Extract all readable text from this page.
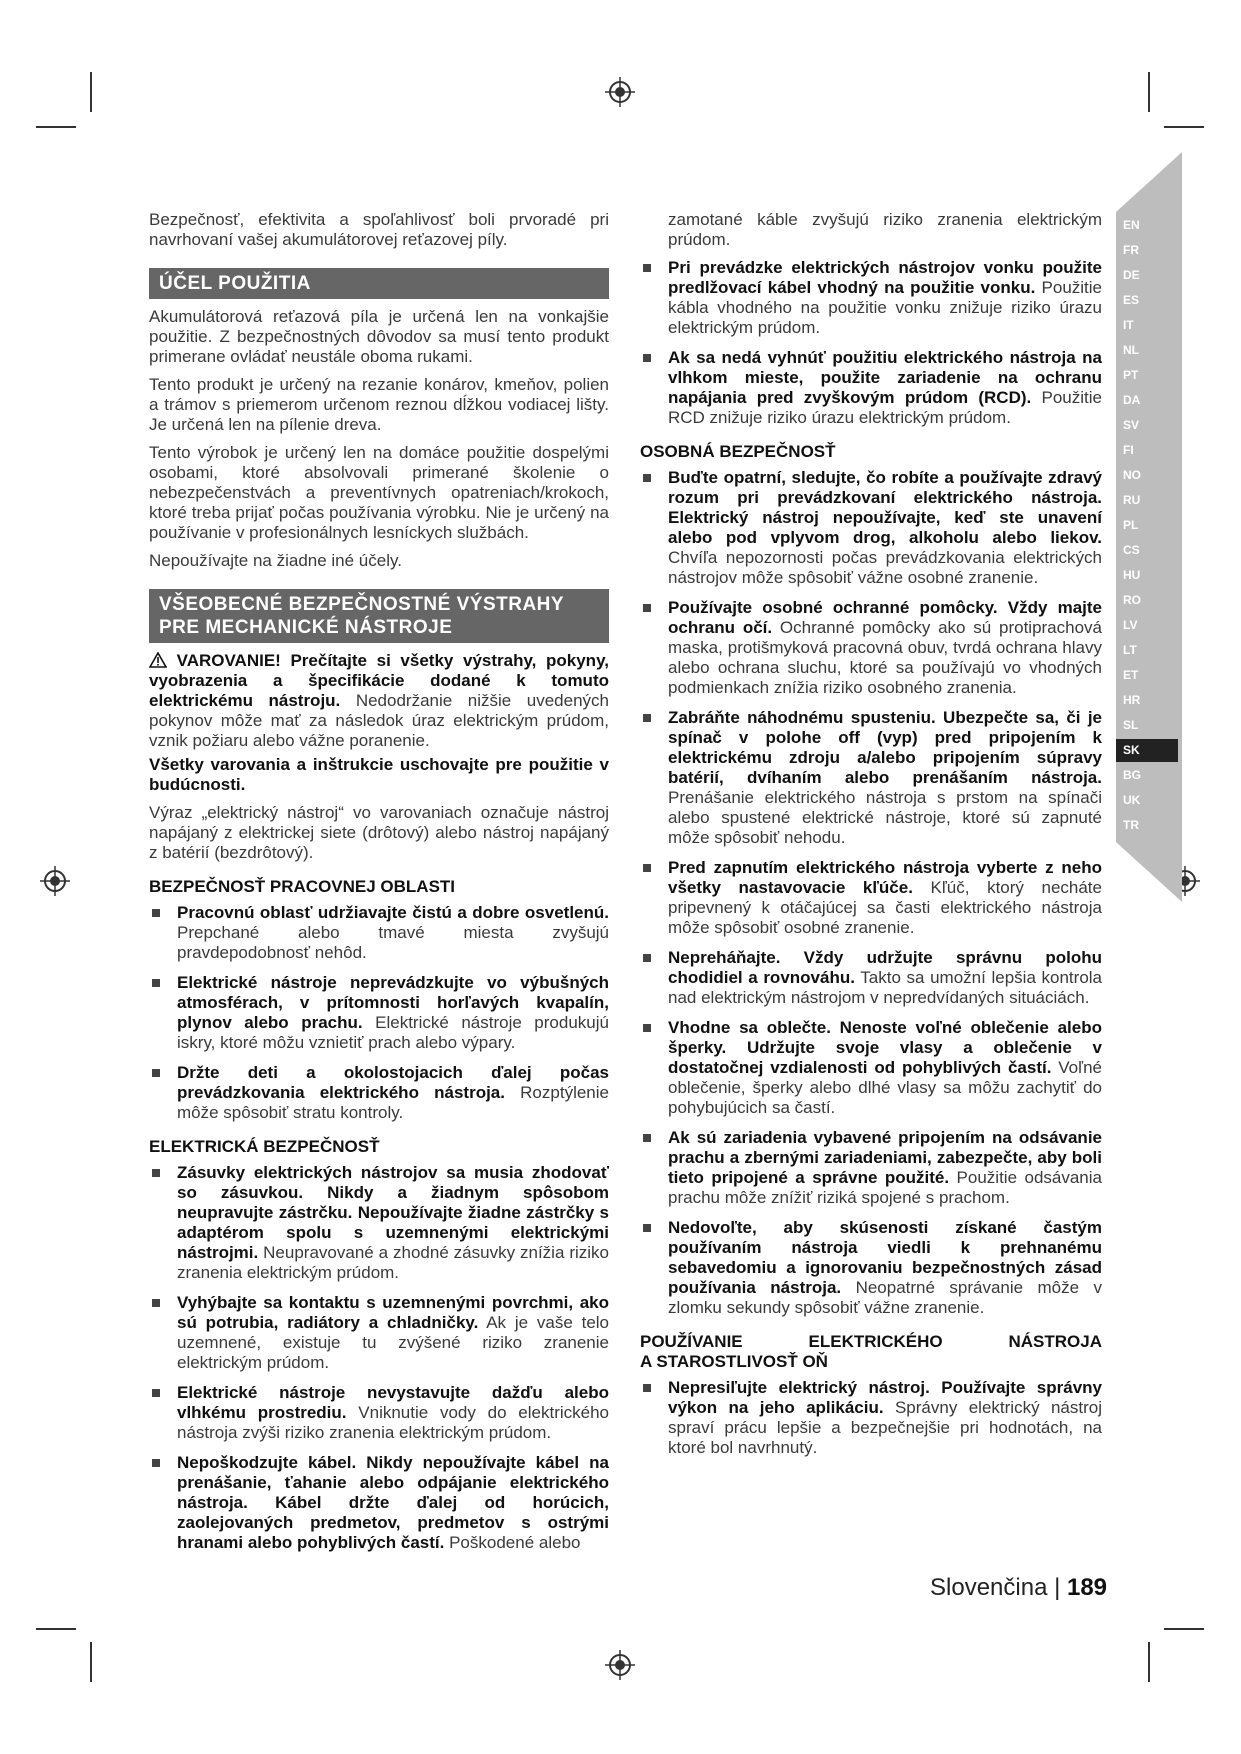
EN
FR
DE
ES
IT
NL
PT
DA
SV
FI
NO
RU
PL
CS
HU
RO
LV
LT
ET
HR
SL
SK
BG
UK
TR

Bezpečnosť, efektivita a spoľahlivosť boli prvoradé pri navrhovaní vašej akumulátorovej reťazovej píly.

ÚČEL POUŽITIA

Akumulátorová reťazová píla je určená len na vonkajšie použitie. Z bezpečnostných dôvodov sa musí tento produkt primerane ovládať neustále oboma rukami.

Tento produkt je určený na rezanie konárov, kmeňov, polien a trámov s priemerom určenom reznou dĺžkou vodiacej lišty. Je určená len na pílenie dreva.

Tento výrobok je určený len na domáce použitie dospelými osobami, ktoré absolvovali primerané školenie o nebezpečenstvách a preventívnych opatreniach/krokoch, ktoré treba prijať počas používania výrobku. Nie je určený na používanie v profesionálnych lesníckych službách.

Nepoužívajte na žiadne iné účely.

VŠEOBECNÉ BEZPEČNOSTNÉ VÝSTRAHY
PRE MECHANICKÉ NÁSTROJE

VAROVANIE! Prečítajte si všetky výstrahy, pokyny, vyobrazenia a špecifikácie dodané k tomuto elektrickému nástroju. Nedodržanie nižšie uvedených pokynov môže mať za následok úraz elektrickým prúdom, vznik požiaru alebo vážne poranenie.

Všetky varovania a inštrukcie uschovajte pre použitie v budúcnosti.

Výraz „elektrický nástroj“ vo varovaniach označuje nástroj napájaný z elektrickej siete (drôtový) alebo nástroj napájaný z batérií (bezdrôtový).

BEZPEČNOSŤ PRACOVNEJ OBLASTI
Pracovnú oblasť udržiavajte čistú a dobre osvetlenú. Prepchané alebo tmavé miesta zvyšujú pravdepodobnosť nehôd.
Elektrické nástroje neprevádzkujte vo výbušných atmosférach, v prítomnosti horľavých kvapalín, plynov alebo prachu. Elektrické nástroje produkujú iskry, ktoré môžu vznietiť prach alebo výpary.
Držte deti a okolostojacich ďalej počas prevádzkovania elektrického nástroja. Rozptýlenie môže spôsobiť stratu kontroly.
ELEKTRICKÁ BEZPEČNOSŤ
Zásuvky elektrických nástrojov sa musia zhodovať so zásuvkou. Nikdy a žiadnym spôsobom neupravujte zástrčku. Nepoužívajte žiadne zástrčky s adaptérom spolu s uzemnenými elektrickými nástrojmi. Neupravované a zhodné zásuvky znížia riziko zranenia elektrickým prúdom.
Vyhýbajte sa kontaktu s uzemnenými povrchmi, ako sú potrubia, radiátory a chladničky. Ak je vaše telo uzemnené, existuje tu zvýšené riziko zranenie elektrickým prúdom.
Elektrické nástroje nevystavujte dažďu alebo vlhkému prostrediu. Vniknutie vody do elektrického nástroja zvýši riziko zranenia elektrickým prúdom.
Nepoškodzujte kábel. Nikdy nepoužívajte kábel na prenášanie, ťahanie alebo odpájanie elektrického nástroja. Kábel držte ďalej od horúcich, zaolejovaných predmetov, predmetov s ostrými hranami alebo pohyblivých častí. Poškodené alebo

zamotané káble zvyšujú riziko zranenia elektrickým prúdom.

Pri prevádzke elektrických nástrojov vonku použite predlžovací kábel vhodný na použitie vonku. Použitie kábla vhodného na použitie vonku znižuje riziko úrazu elektrickým prúdom.
Ak sa nedá vyhnúť použitiu elektrického nástroja na vlhkom mieste, použite zariadenie na ochranu napájania pred zvyškovým prúdom (RCD). Použitie RCD znižuje riziko úrazu elektrickým prúdom.
OSOBNÁ BEZPEČNOSŤ
Buďte opatrní, sledujte, čo robíte a používajte zdravý rozum pri prevádzkovaní elektrického nástroja. Elektrický nástroj nepoužívajte, keď ste unavení alebo pod vplyvom drog, alkoholu alebo liekov. Chvíľa nepozornosti počas prevádzkovania elektrických nástrojov môže spôsobiť vážne osobné zranenie.
Používajte osobné ochranné pomôcky. Vždy majte ochranu očí. Ochranné pomôcky ako sú protiprachová maska, protišmyková pracovná obuv, tvrdá ochrana hlavy alebo ochrana sluchu, ktoré sa používajú vo vhodných podmienkach znížia riziko osobného zranenia.
Zabráňte náhodnému spusteniu. Ubezpečte sa, či je spínač v polohe off (vyp) pred pripojením k elektrickému zdroju a/alebo pripojením súpravy batérií, dvíhaním alebo prenášaním nástroja. Prenášanie elektrického nástroja s prstom na spínači alebo spustené elektrické nástroje, ktoré sú zapnuté môže spôsobiť nehodu.
Pred zapnutím elektrického nástroja vyberte z neho všetky nastavovacie kľúče. Kľúč, ktorý necháte pripevnený k otáčajúcej sa časti elektrického nástroja môže spôsobiť osobné zranenie.
Nepreháňajte. Vždy udržujte správnu polohu chodidiel a rovnováhu. Takto sa umožní lepšia kontrola nad elektrickým nástrojom v nepredvídaných situáciách.
Vhodne sa oblečte. Nenoste voľné oblečenie alebo šperky. Udržujte svoje vlasy a oblečenie v dostatočnej vzdialenosti od pohyblivých častí. Voľné oblečenie, šperky alebo dlhé vlasy sa môžu zachytiť do pohybujúcich sa častí.
Ak sú zariadenia vybavené pripojením na odsávanie prachu a zbernými zariadeniami, zabezpečte, aby boli tieto pripojené a správne použité. Použitie odsávania prachu môže znížiť riziká spojené s prachom.
Nedovoľte, aby skúsenosti získané častým používaním nástroja viedli k prehnanému sebavedomiu a ignorovaniu bezpečnostných zásad používania nástroja. Neopatrné správanie môže v zlomku sekundy spôsobiť vážne zranenie.
POUŽÍVANIE ELEKTRICKÉHO NÁSTROJA
A STAROSTLIVOSŤ OŇ
Nepresiľujte elektrický nástroj. Používajte správny výkon na jeho aplikáciu. Správny elektrický nástroj spraví prácu lepšie a bezpečnejšie pri hodnotách, na ktoré bol navrhnutý.
Slovenčina | 189
